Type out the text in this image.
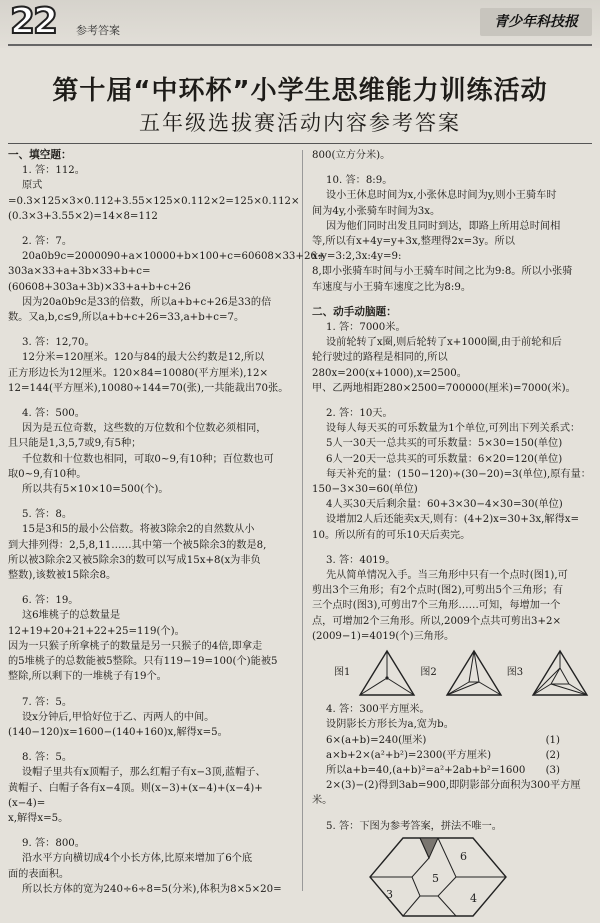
22 参考答案
青少年科技报
第十届“中环杯”小学生思维能力训练活动
五年级选拔赛活动内容参考答案

一、填空题：

1. 答：112。

原式=0.3×125×3×0.112+3.55×125×0.112×2=125×0.112×

(0.3×3+3.55×2)=14×8=112

2. 答：7。

20a0b9c=2000090+a×10000+b×100+c=60608×33+26+

303a×33+a+3b×33+b+c=(60608+303a+3b)×33+a+b+c+26

因为20a0b9c是33的倍数，所以a+b+c+26是33的倍

数。又a,b,c≤9,所以a+b+c+26=33,a+b+c=7。

3. 答：12,70。

12分米=120厘米。120与84的最大公约数是12,所以

正方形边长为12厘米。120×84=10080(平方厘米),12×

12=144(平方厘米),10080÷144=70(张),一共能裁出70张。

4. 答：500。

因为是五位奇数，这些数的万位数和个位数必须相同，

且只能是1,3,5,7或9,有5种；

千位数和十位数也相同，可取0~9,有10种；百位数也可

取0~9,有10种。

所以共有5×10×10=500(个)。

5. 答：8。

15是3和5的最小公倍数。将被3除余2的自然数从小

到大排列得：2,5,8,11……其中第一个被5除余3的数是8,

所以被3除余2又被5除余3的数可以写成15x+8(x为非负

整数),该数被15除余8。

6. 答：19。

这6堆桃子的总数量是12+19+20+21+22+25=119(个)。

因为一只猴子所拿桃子的数量是另一只猴子的4倍,即拿走

的5堆桃子的总数能被5整除。只有119−19=100(个)能被5

整除,所以剩下的一堆桃子有19个。

7. 答：5。

设x分钟后,甲恰好位于乙、丙两人的中间。

(140−120)x=1600−(140+160)x,解得x=5。

8. 答：5。

设帽子里共有x顶帽子，那么红帽子有x−3顶,蓝帽子、

黄帽子、白帽子各有x−4顶。则(x−3)+(x−4)+(x−4)+(x−4)=

x,解得x=5。

9. 答：800。

沿水平方向横切成4个小长方体,比原来增加了6个底

面的表面积。

所以长方体的宽为240÷6÷8=5(分米),体积为8×5×20=

800(立方分米)。

10. 答：8:9。

设小王休息时间为x,小张休息时间为y,则小王骑车时

间为4y,小张骑车时间为3x。

因为他们同时出发且同时到达，即路上所用总时间相

等,所以有x+4y=y+3x,整理得2x=3y。所以x:y=3:2,3x:4y=9:

8,即小张骑车时间与小王骑车时间之比为9:8。所以小张骑

车速度与小王骑车速度之比为8:9。

二、动手动脑题：

1. 答：7000米。

设前轮转了x圈,则后轮转了x+1000圈,由于前轮和后

轮行驶过的路程是相同的,所以280x=200(x+1000),x=2500。

甲、乙两地相距280×2500=700000(厘米)=7000(米)。

2. 答：10天。

设每人每天买的可乐数量为1个单位,可列出下列关系式：

5人一30天一总共买的可乐数量：5×30=150(单位)

6人一20天一总共买的可乐数量：6×20=120(单位)

每天补充的量：(150−120)÷(30−20)=3(单位),原有量：

150−3×30=60(单位)

4人买30天后剩余量：60+3×30−4×30=30(单位)

设增加2人后还能卖x天,则有：(4+2)x=30+3x,解得x=

10。所以所有的可乐10天后卖完。

3. 答：4019。

先从简单情况入手。当三角形中只有一个点时(图1),可

剪出3个三角形；有2个点时(图2),可剪出5个三角形；有

三个点时(图3),可剪出7个三角形……可知，每增加一个

点，可增加2个三角形。所以,2009个点共可剪出3+2×

(2009−1)=4019(个)三角形。

图1	图2	图3

4. 答：300平方厘米。

设阴影长方形长为a,宽为b。

6×(a+b)=240(厘米)	(1)
a×b+2×(a²+b²)=2300(平方厘米)	(2)
所以a+b=40,(a+b)²=a²+2ab+b²=1600 (3)

2×(3)−(2)得到3ab=900,即阴影部分面积为300平方厘米。

5. 答：下图为参考答案，拼法不唯一。

6
3
5
4
